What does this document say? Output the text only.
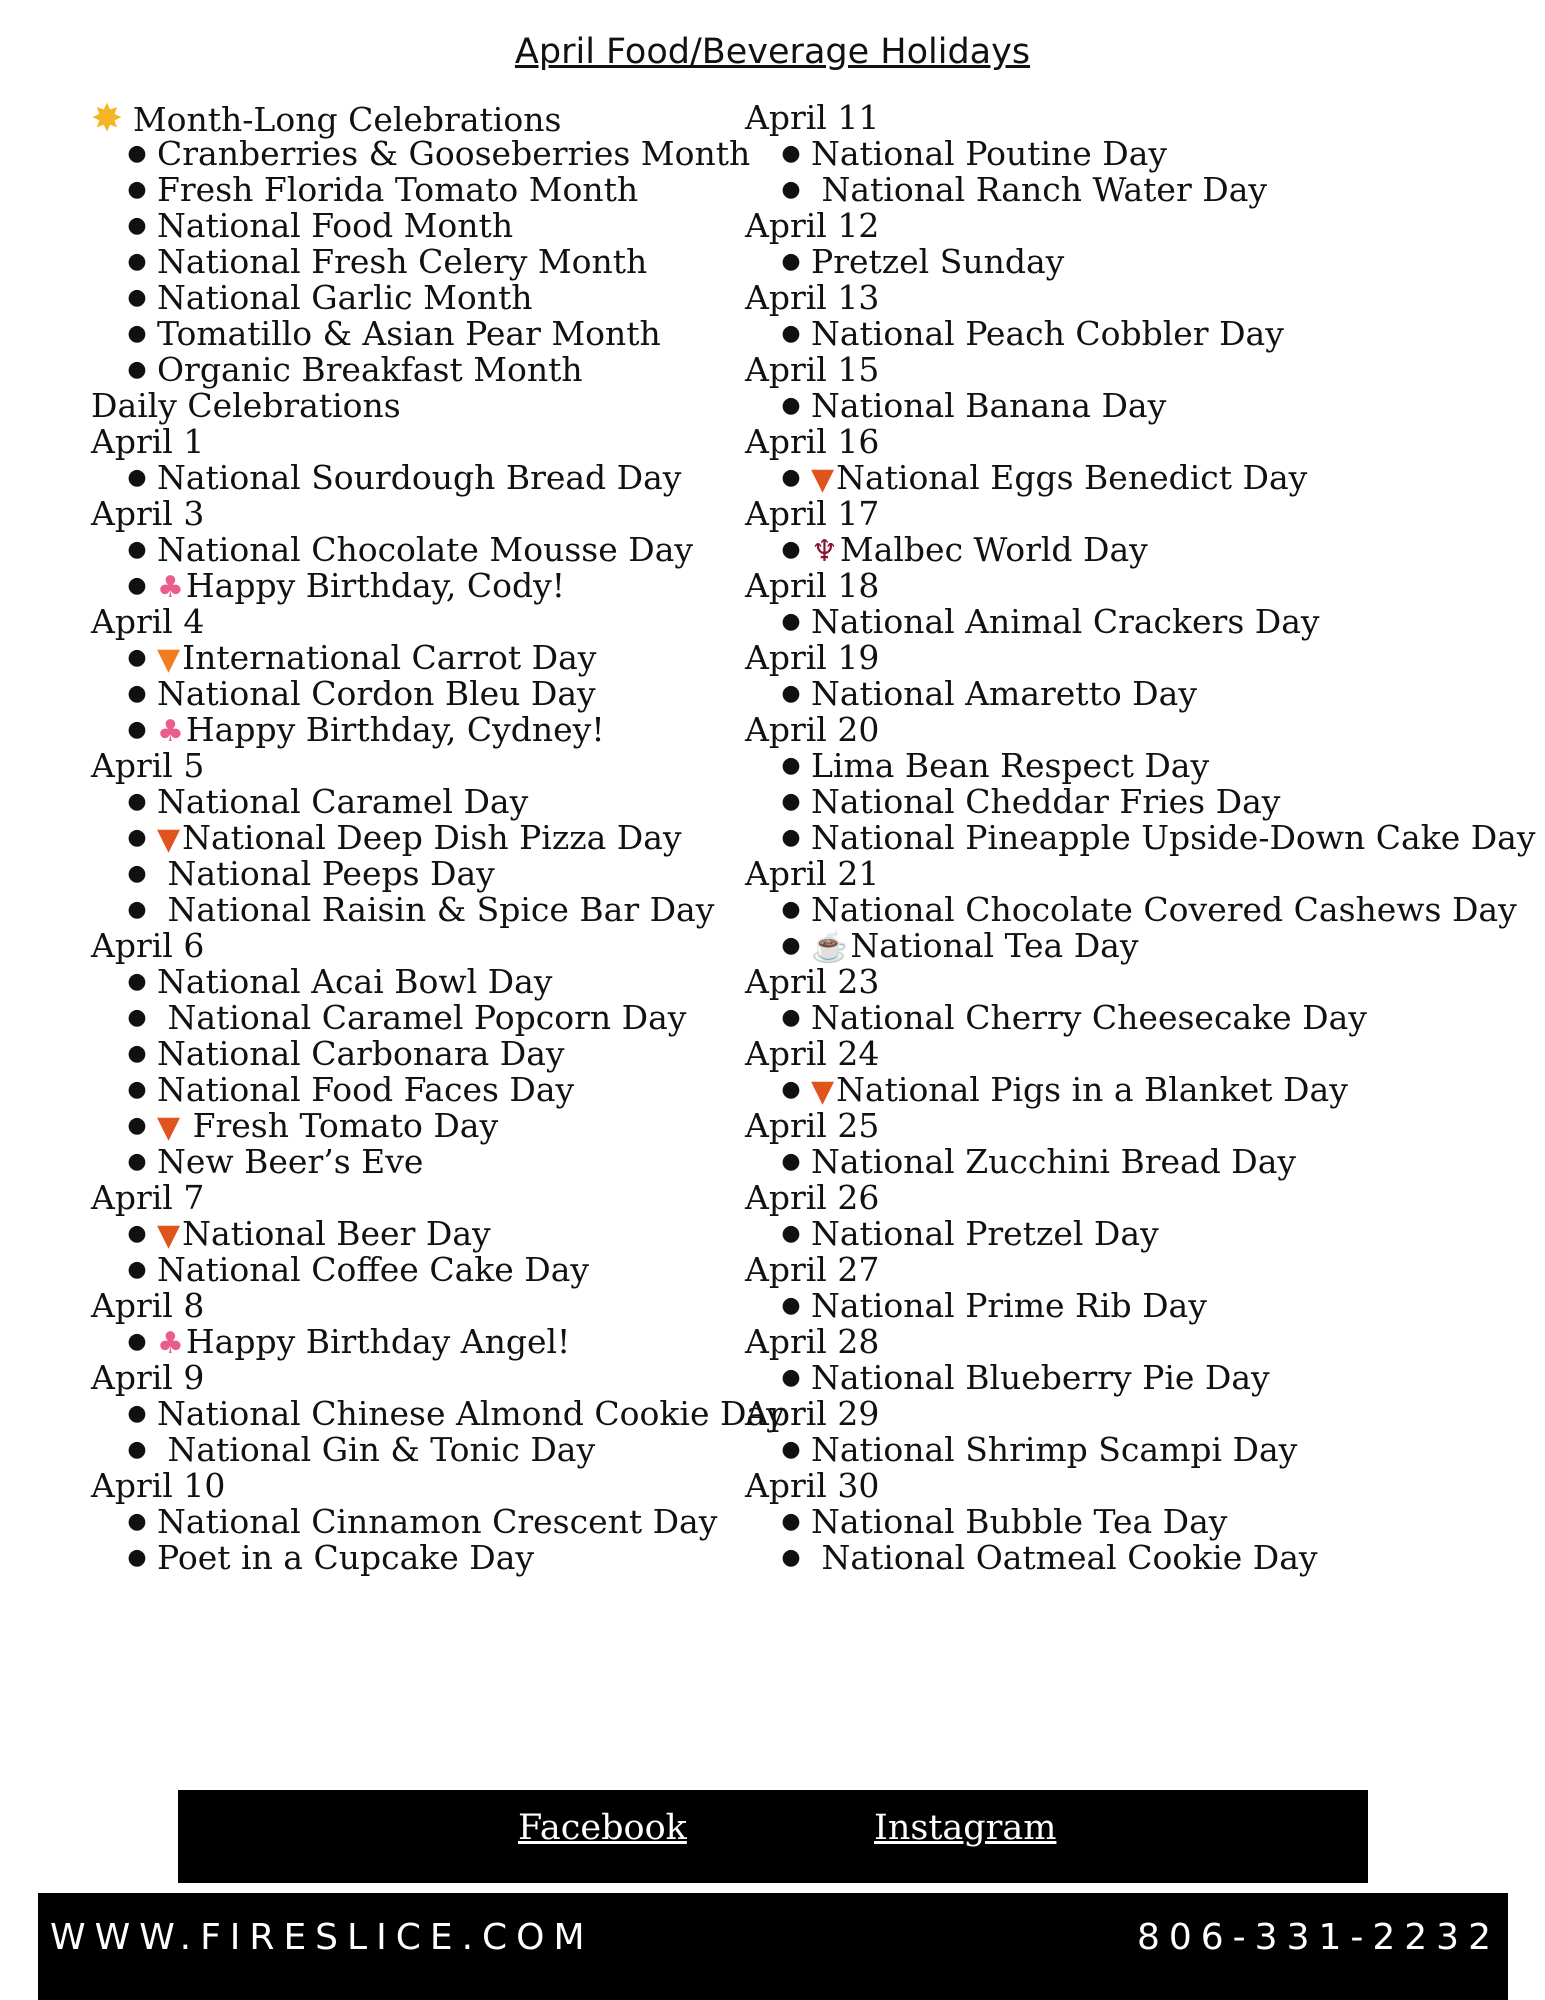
April Food/Beverage Holidays
✸ Month-Long Celebrations
● Cranberries & Gooseberries Month
● Fresh Florida Tomato Month
● National Food Month
● National Fresh Celery Month
● National Garlic Month
● Tomatillo & Asian Pear Month
● Organic Breakfast Month
Daily Celebrations
April 1
● National Sourdough Bread Day
April 3
● National Chocolate Mousse Day
● ♣Happy Birthday, Cody!
April 4
● ▼International Carrot Day
● National Cordon Bleu Day
● ♣Happy Birthday, Cydney!
April 5
● National Caramel Day
● ▼National Deep Dish Pizza Day
● National Peeps Day
● National Raisin & Spice Bar Day
April 6
● National Acai Bowl Day
● National Caramel Popcorn Day
● National Carbonara Day
● National Food Faces Day
● ▼ Fresh Tomato Day
● New Beer’s Eve
April 7
● ▼National Beer Day
● National Coffee Cake Day
April 8
● ♣Happy Birthday Angel!
April 9
● National Chinese Almond Cookie Day
● National Gin & Tonic Day
April 10
● National Cinnamon Crescent Day
● Poet in a Cupcake Day
April 11
● National Poutine Day
● National Ranch Water Day
April 12
● Pretzel Sunday
April 13
● National Peach Cobbler Day
April 15
● National Banana Day
April 16
● ▼National Eggs Benedict Day
April 17
● ♆Malbec World Day
April 18
● National Animal Crackers Day
April 19
● National Amaretto Day
April 20
● Lima Bean Respect Day
● National Cheddar Fries Day
● National Pineapple Upside-Down Cake Day
April 21
● National Chocolate Covered Cashews Day
● ☕National Tea Day
April 23
● National Cherry Cheesecake Day
April 24
● ▼National Pigs in a Blanket Day
April 25
● National Zucchini Bread Day
April 26
● National Pretzel Day
April 27
● National Prime Rib Day
April 28
● National Blueberry Pie Day
April 29
● National Shrimp Scampi Day
April 30
● National Bubble Tea Day
● National Oatmeal Cookie Day
Facebook	Instagram
WWW.FIRESLICE.COM	806-331-2232
